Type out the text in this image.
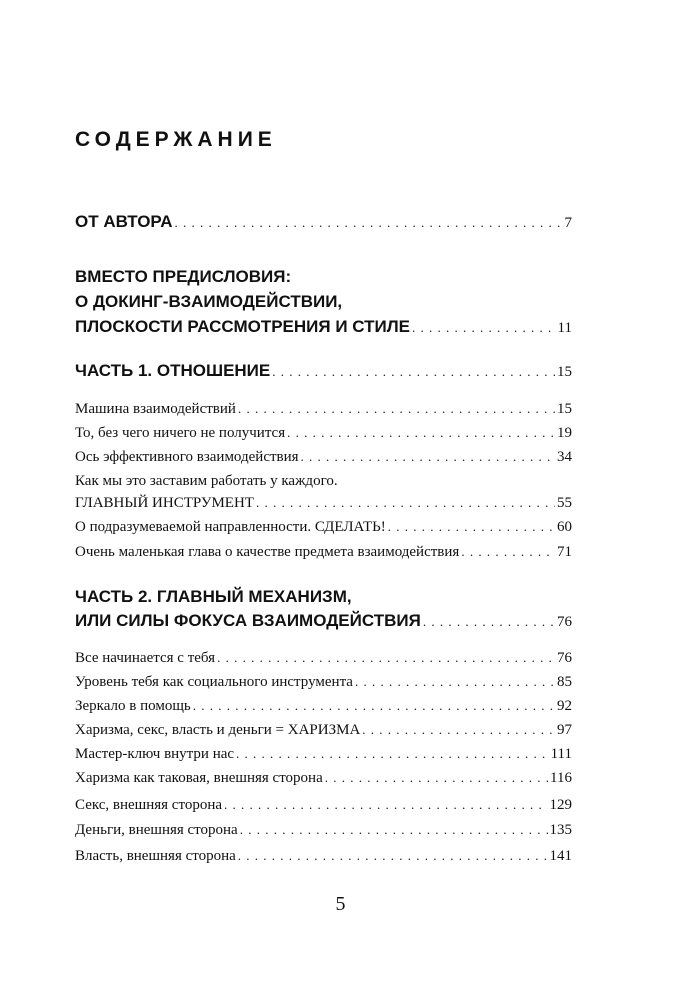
СОДЕРЖАНИЕ
ОТ АВТОРА . . .	7
ВМЕСТО ПРЕДИСЛОВИЯ:
О ДОКИНГ-ВЗАИМОДЕЙСТВИИ,
ПЛОСКОСТИ РАССМОТРЕНИЯ И СТИЛЕ . . .	11
ЧАСТЬ 1. ОТНОШЕНИЕ . . .	15
Машина взаимодействий . . .	15
То, без чего ничего не получится . . .	19
Ось эффективного взаимодействия . . .	34
Как мы это заставим работать у каждого.
ГЛАВНЫЙ ИНСТРУМЕНТ . . .	55
О подразумеваемой направленности. СДЕЛАТЬ! . . .	60
Очень маленькая глава о качестве предмета взаимодействия . . .	71
ЧАСТЬ 2. ГЛАВНЫЙ МЕХАНИЗМ,
ИЛИ СИЛЫ ФОКУСА ВЗАИМОДЕЙСТВИЯ . . .	76
Все начинается с тебя . . .	76
Уровень тебя как социального инструмента . . .	85
Зеркало в помощь . . .	92
Харизма, секс, власть и деньги = ХАРИЗМА . . .	97
Мастер-ключ внутри нас . . .	111
Харизма как таковая, внешняя сторона . . .	116
Секс, внешняя сторона . . .	129
Деньги, внешняя сторона . . .	135
Власть, внешняя сторона . . .	141
5
